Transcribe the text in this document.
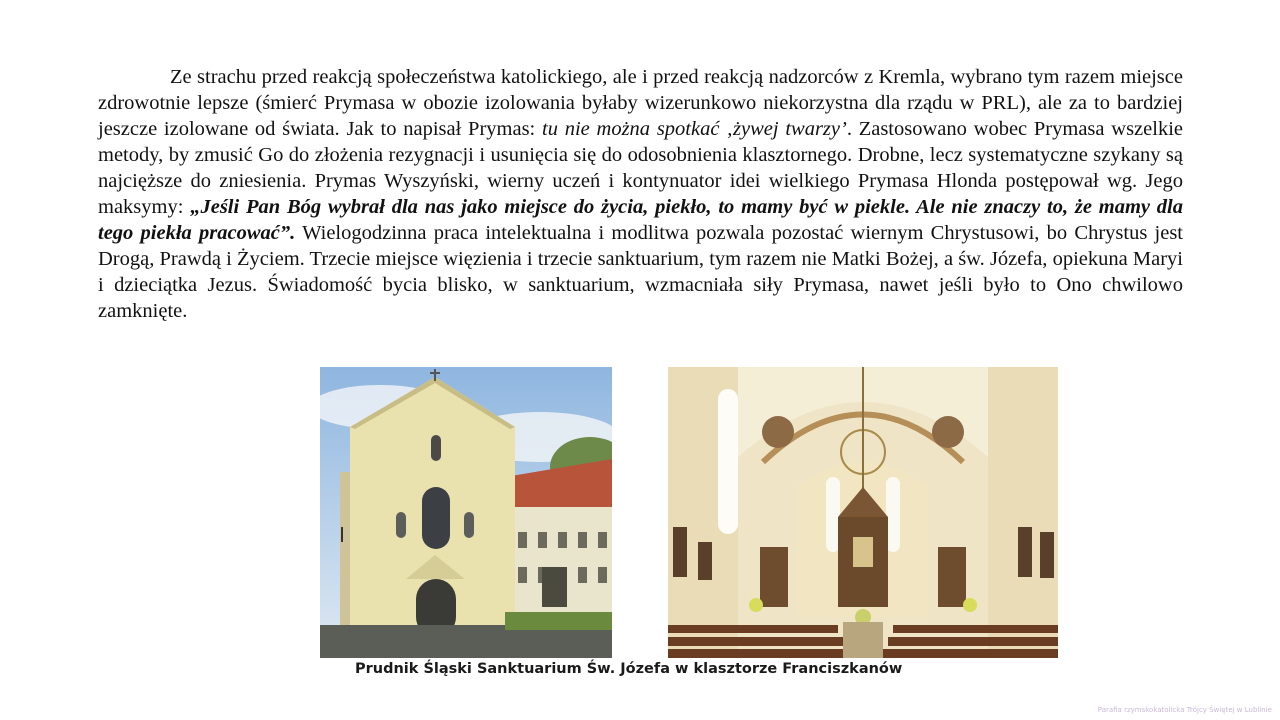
Ze strachu przed reakcją społeczeństwa katolickiego, ale i przed reakcją nadzorców z Kremla, wybrano tym razem miejsce zdrowotnie lepsze (śmierć Prymasa w obozie izolowania byłaby wizerunkowo niekorzystna dla rządu w PRL), ale za to bardziej jeszcze izolowane od świata. Jak to napisał Prymas: tu nie można spotkać ‚żywej twarzy’. Zastosowano wobec Prymasa wszelkie metody, by zmusić Go do złożenia rezygnacji i usunięcia się do odosobnienia klasztornego. Drobne, lecz systematyczne szykany są najcięższe do zniesienia. Prymas Wyszyński, wierny uczeń i kontynuator idei wielkiego Prymasa Hlonda postępował wg. Jego maksymy: „Jeśli Pan Bóg wybrał dla nas jako miejsce do życia, piekło, to mamy być w piekle. Ale nie znaczy to, że mamy dla tego piekła pracować”. Wielogodzinna praca intelektualna i modlitwa pozwala pozostać wiernym Chrystusowi, bo Chrystus jest Drogą, Prawdą i Życiem. Trzecie miejsce więzienia i trzecie sanktuarium, tym razem nie Matki Bożej, a św. Józefa, opiekuna Maryi i dzieciątka Jezus. Świadomość bycia blisko, w sanktuarium, wzmacniała siły Prymasa, nawet jeśli było to Ono chwilowo zamknięte.

Prudnik Śląski Sanktuarium Św. Józefa w klasztorze Franciszkanów
Parafia rzymskokatolicka Trójcy Świętej w Lublinie
